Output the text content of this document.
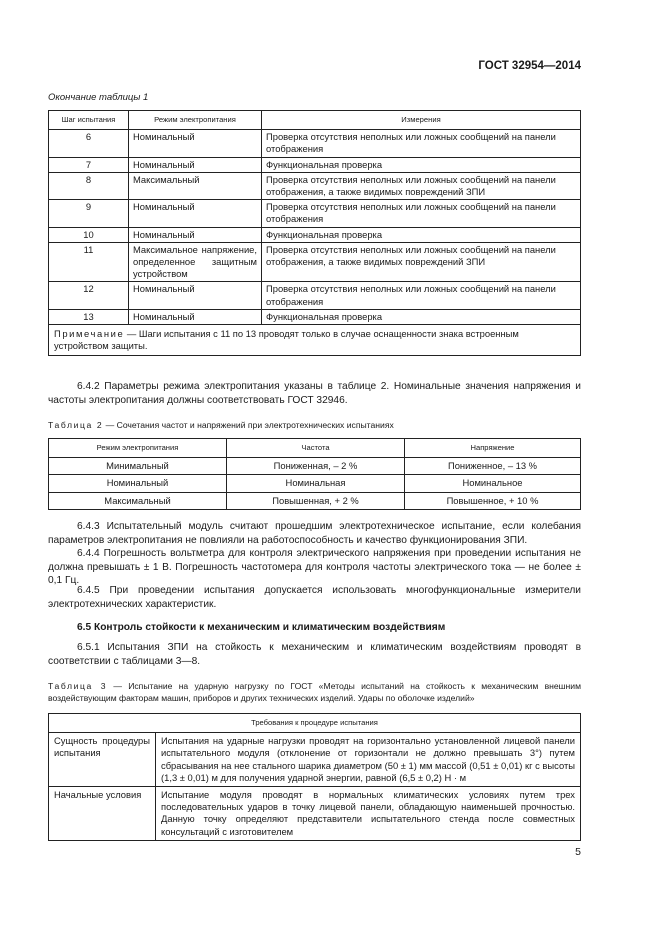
ГОСТ 32954—2014
Окончание таблицы 1
Шаг испытания	Режим электропитания	Измерения
6	Номинальный	Проверка отсутствия неполных или ложных сообщений на панели отображения
7	Номинальный	Функциональная проверка
8	Максимальный	Проверка отсутствия неполных или ложных сообщений на панели отображения, а также видимых повреждений ЗПИ
9	Номинальный	Проверка отсутствия неполных или ложных сообщений на панели отображения
10	Номинальный	Функциональная проверка
11	Максимальное напряжение, определенное защитным устройством	Проверка отсутствия неполных или ложных сообщений на панели отображения, а также видимых повреждений ЗПИ
12	Номинальный	Проверка отсутствия неполных или ложных сообщений на панели отображения
13	Номинальный	Функциональная проверка
Примечание — Шаги испытания с 11 по 13 проводят только в случае оснащенности знака встроенным устройством защиты.		
6.4.2 Параметры режима электропитания указаны в таблице 2. Номинальные значения напряжения и частоты электропитания должны соответствовать ГОСТ 32946.
Таблица 2 — Сочетания частот и напряжений при электротехнических испытаниях
Режим электропитания	Частота	Напряжение
Минимальный	Пониженная, – 2 %	Пониженное, – 13 %
Номинальный	Номинальная	Номинальное
Максимальный	Повышенная, + 2 %	Повышенное, + 10 %
6.4.3 Испытательный модуль считают прошедшим электротехническое испытание, если колебания параметров электропитания не повлияли на работоспособность и качество функционирования ЗПИ.
6.4.4 Погрешность вольтметра для контроля электрического напряжения при проведении испытания не должна превышать ± 1 В. Погрешность частотомера для контроля частоты электрического тока — не более ± 0,1 Гц.
6.4.5 При проведении испытания допускается использовать многофункциональные измерители электротехнических характеристик.
6.5 Контроль стойкости к механическим и климатическим воздействиям
6.5.1 Испытания ЗПИ на стойкость к механическим и климатическим воздействиям проводят в соответствии с таблицами 3—8.
Таблица 3 — Испытание на ударную нагрузку по ГОСТ «Методы испытаний на стойкость к механическим внешним воздействующим факторам машин, приборов и других технических изделий. Удары по оболочке изделий»
Требования к процедуре испытания	
Сущность процедуры испытания	Испытания на ударные нагрузки проводят на горизонтально установленной лицевой панели испытательного модуля (отклонение от горизонтали не должно превышать 3°) путем сбрасывания на нее стального шарика диаметром (50 ± 1) мм массой (0,51 ± 0,01) кг с высоты (1,3 ± 0,01) м для получения ударной энергии, равной (6,5 ± 0,2) Н · м
Начальные условия	Испытание модуля проводят в нормальных климатических условиях путем трех последовательных ударов в точку лицевой панели, обладающую наименьшей прочностью. Данную точку определяют представители испытательного стенда после совместных консультаций с изготовителем
5
